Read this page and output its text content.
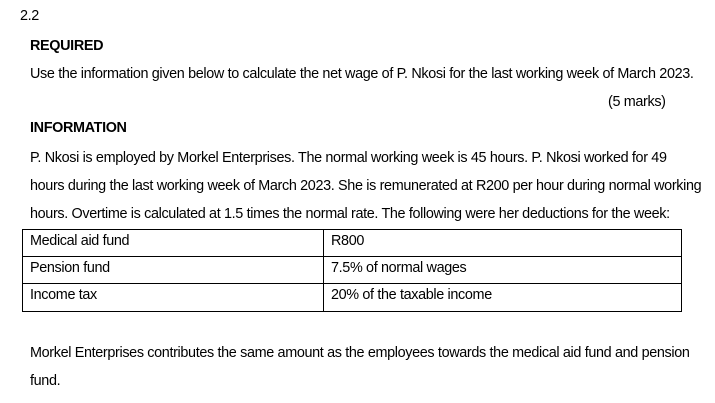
2.2
REQUIRED
Use the information given below to calculate the net wage of P. Nkosi for the last working week of March 2023.
(5 marks)
INFORMATION
P. Nkosi is employed by Morkel Enterprises. The normal working week is 45 hours. P. Nkosi worked for 49
hours during the last working week of March 2023. She is remunerated at R200 per hour during normal working
hours. Overtime is calculated at 1.5 times the normal rate. The following were her deductions for the week:
Medical aid fund	R800
Pension fund	7.5% of normal wages
Income tax	20% of the taxable income
Morkel Enterprises contributes the same amount as the employees towards the medical aid fund and pension
fund.
